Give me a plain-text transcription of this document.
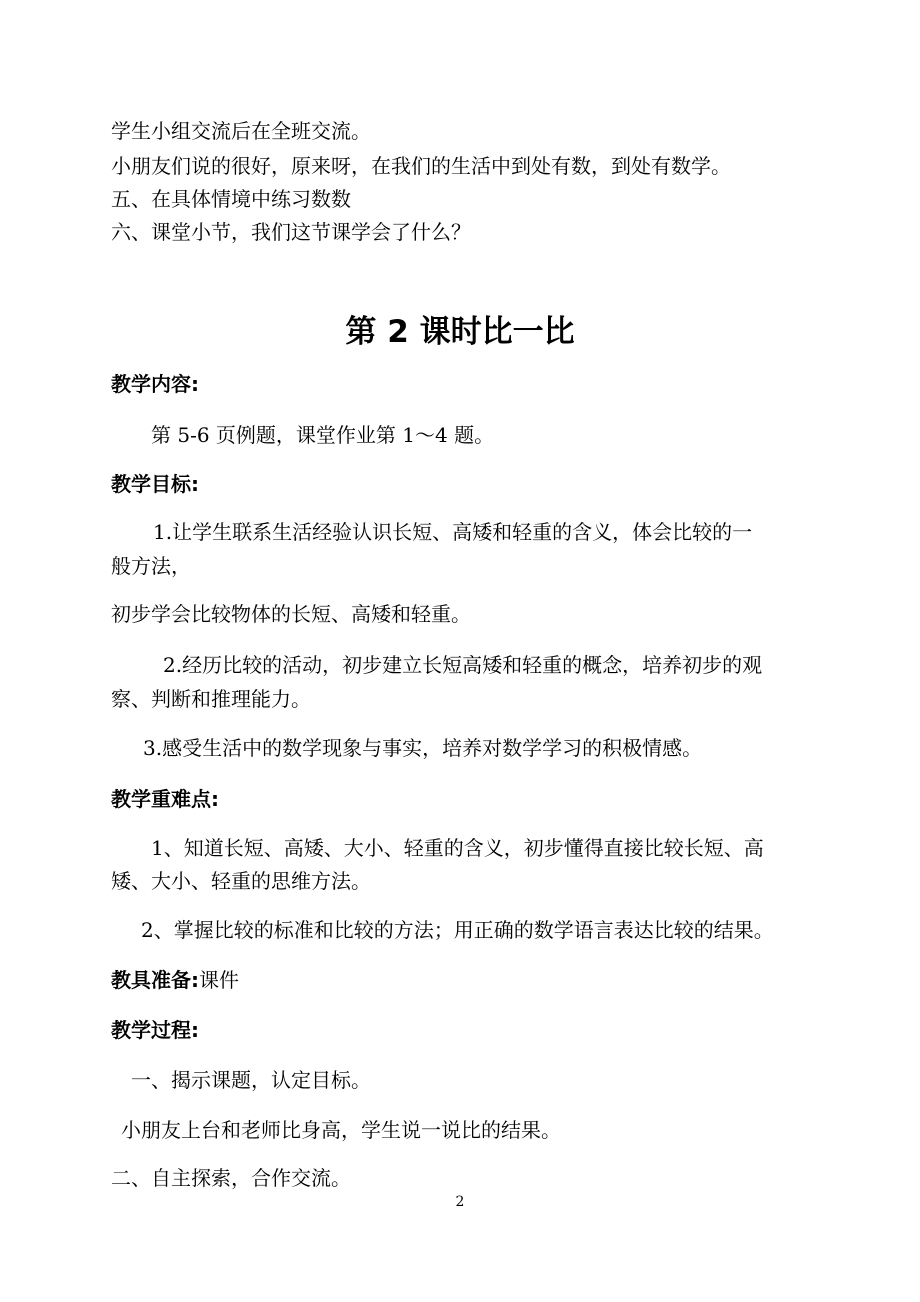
学生小组交流后在全班交流。
小朋友们说的很好，原来呀，在我们的生活中到处有数，到处有数学。
五、在具体情境中练习数数
六、课堂小节，我们这节课学会了什么？
第 2 课时比一比
教学内容:
第 5-6 页例题，课堂作业第 1～4 题。
教学目标:
1.让学生联系生活经验认识长短、高矮和轻重的含义，体会比较的一
般方法，
初步学会比较物体的长短、高矮和轻重。
2.经历比较的活动，初步建立长短高矮和轻重的概念，培养初步的观
察、判断和推理能力。
3.感受生活中的数学现象与事实，培养对数学学习的积极情感。
教学重难点:
1、知道长短、高矮、大小、轻重的含义，初步懂得直接比较长短、高
矮、大小、轻重的思维方法。
2、掌握比较的标准和比较的方法；用正确的数学语言表达比较的结果。
教具准备:课件
教学过程:
一、揭示课题，认定目标。
小朋友上台和老师比身高，学生说一说比的结果。
二、自主探索，合作交流。
2
